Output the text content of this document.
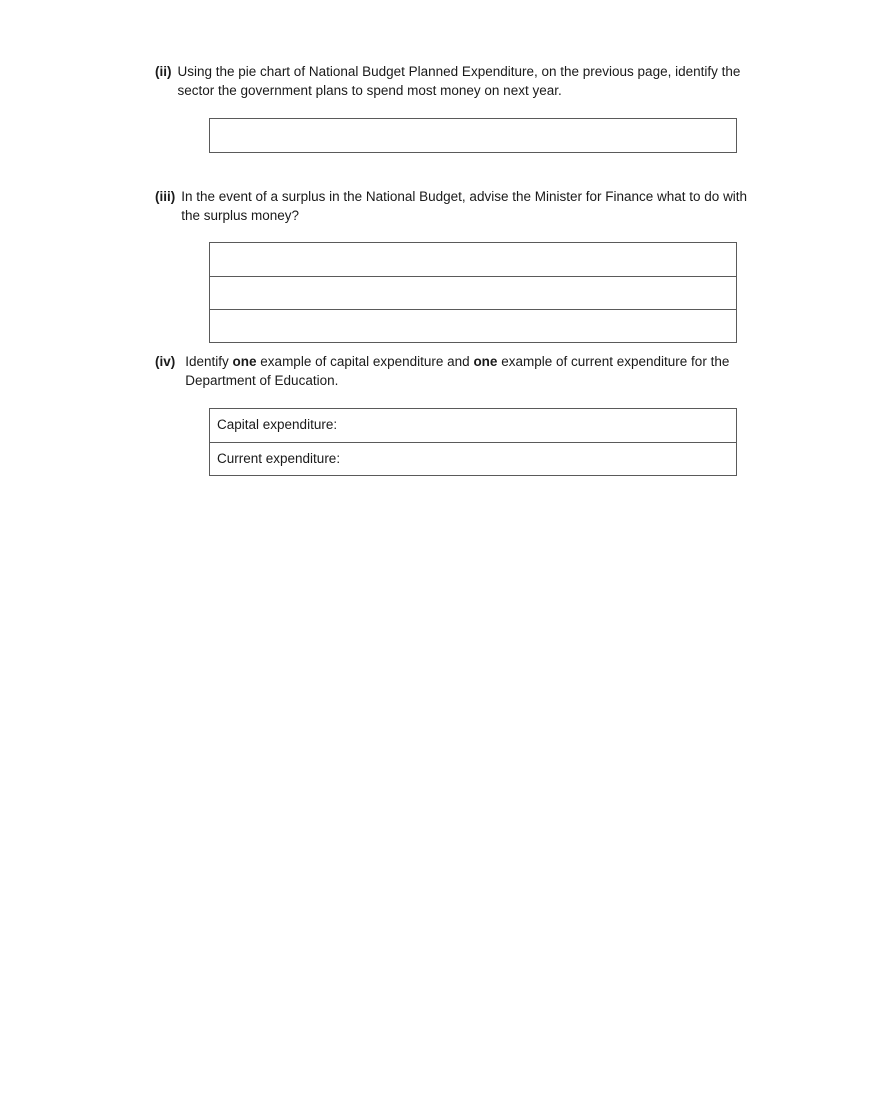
(ii) Using the pie chart of National Budget Planned Expenditure, on the previous page, identify the sector the government plans to spend most money on next year.
(iii) In the event of a surplus in the National Budget, advise the Minister for Finance what to do with the surplus money?
(iv) Identify one example of capital expenditure and one example of current expenditure for the Department of Education.
Capital expenditure:
Current expenditure:
